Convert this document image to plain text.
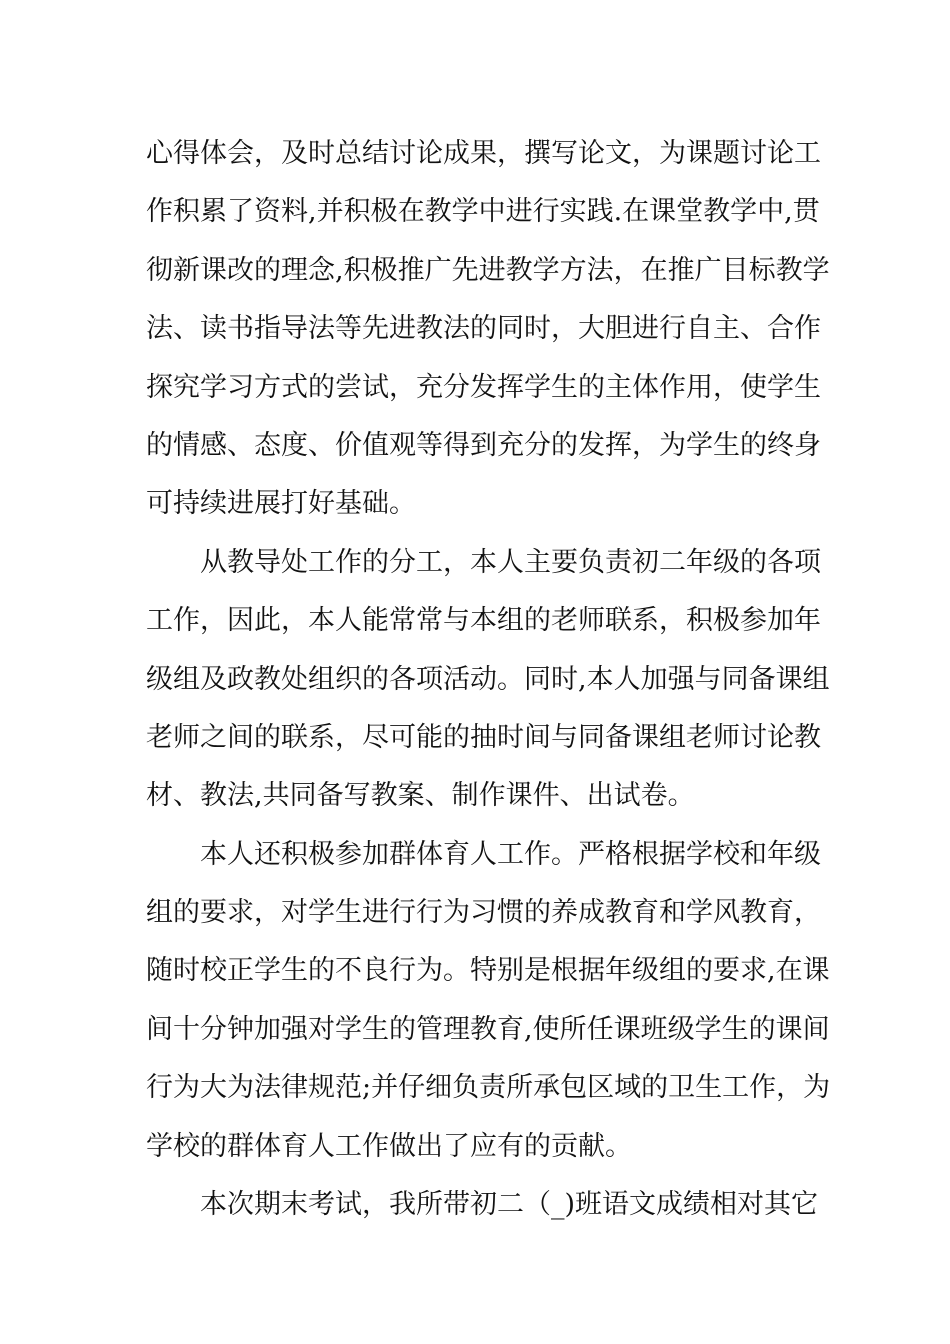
心得体会，及时总结讨论成果，撰写论文，为课题讨论工
作积累了资料,并积极在教学中进行实践.在课堂教学中,贯
彻新课改的理念,积极推广先进教学方法，在推广目标教学
法、读书指导法等先进教法的同时，大胆进行自主、合作
探究学习方式的尝试，充分发挥学生的主体作用，使学生
的情感、态度、价值观等得到充分的发挥，为学生的终身
可持续进展打好基础。
从教导处工作的分工，本人主要负责初二年级的各项
工作，因此，本人能常常与本组的老师联系，积极参加年
级组及政教处组织的各项活动。同时,本人加强与同备课组
老师之间的联系，尽可能的抽时间与同备课组老师讨论教
材、教法,共同备写教案、制作课件、出试卷。
本人还积极参加群体育人工作。严格根据学校和年级
组的要求，对学生进行行为习惯的养成教育和学风教育，
随时校正学生的不良行为。特别是根据年级组的要求,在课
间十分钟加强对学生的管理教育,使所任课班级学生的课间
行为大为法律规范;并仔细负责所承包区域的卫生工作，为
学校的群体育人工作做出了应有的贡献。
本次期末考试，我所带初二（_)班语文成绩相对其它
